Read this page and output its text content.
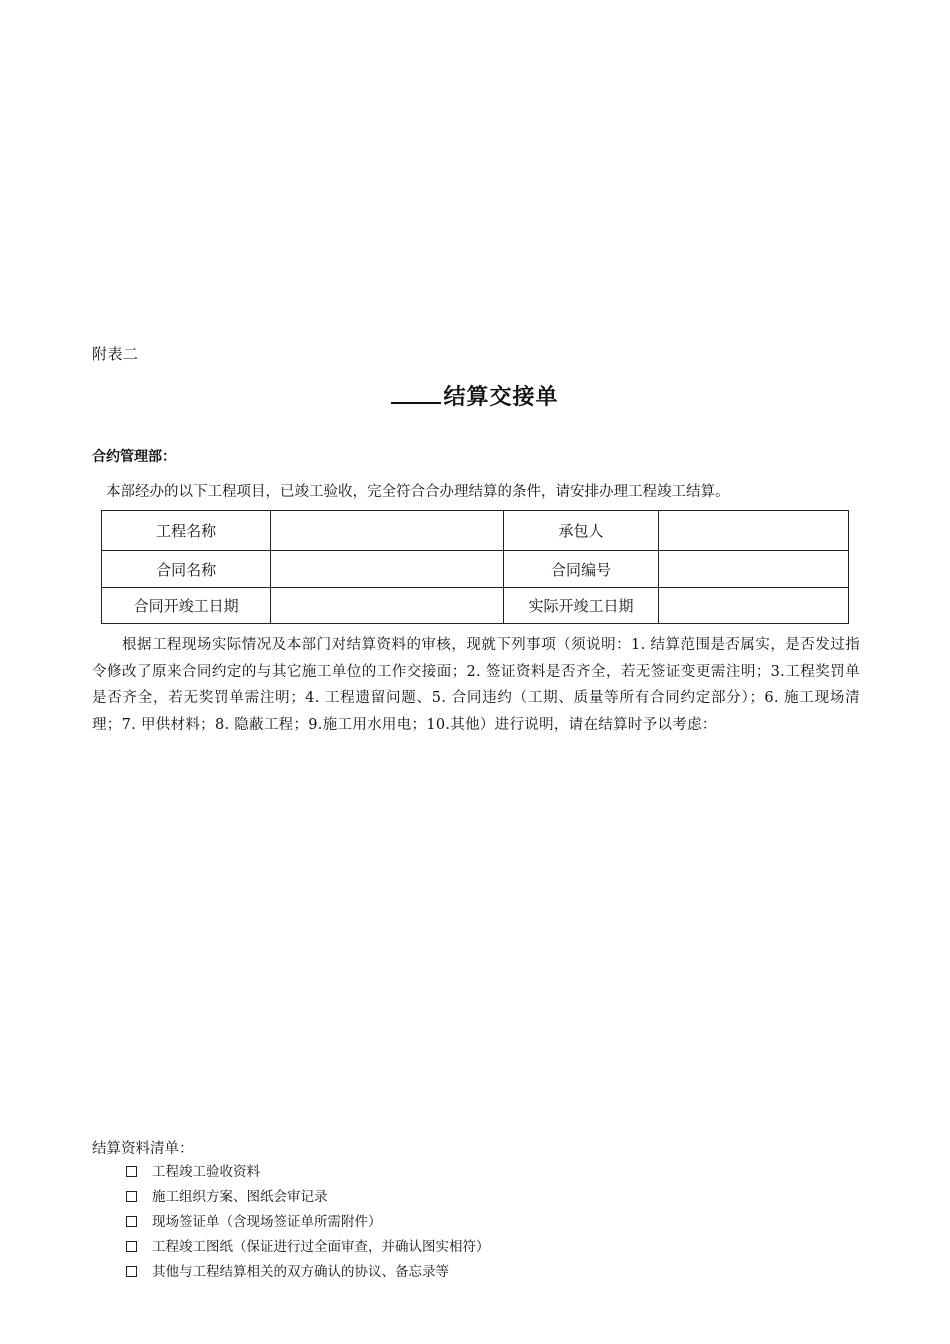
附表二
结算交接单
合约管理部：
本部经办的以下工程项目，已竣工验收，完全符合合办理结算的条件，请安排办理工程竣工结算。
工程名称		承包人	
合同名称		合同编号	
合同开竣工日期		实际开竣工日期	
根据工程现场实际情况及本部门对结算资料的审核，现就下列事项（须说明：1. 结算范围是否属实，是否发过指令修改了原来合同约定的与其它施工单位的工作交接面；2. 签证资料是否齐全，若无签证变更需注明；3.工程奖罚单是否齐全，若无奖罚单需注明；4. 工程遗留问题、5. 合同违约（工期、质量等所有合同约定部分）；6. 施工现场清理；7. 甲供材料；8. 隐蔽工程；9.施工用水用电；10.其他）进行说明，请在结算时予以考虑：
结算资料清单：
工程竣工验收资料
施工组织方案、图纸会审记录
现场签证单（含现场签证单所需附件）
工程竣工图纸（保证进行过全面审查，并确认图实相符）
其他与工程结算相关的双方确认的协议、备忘录等
